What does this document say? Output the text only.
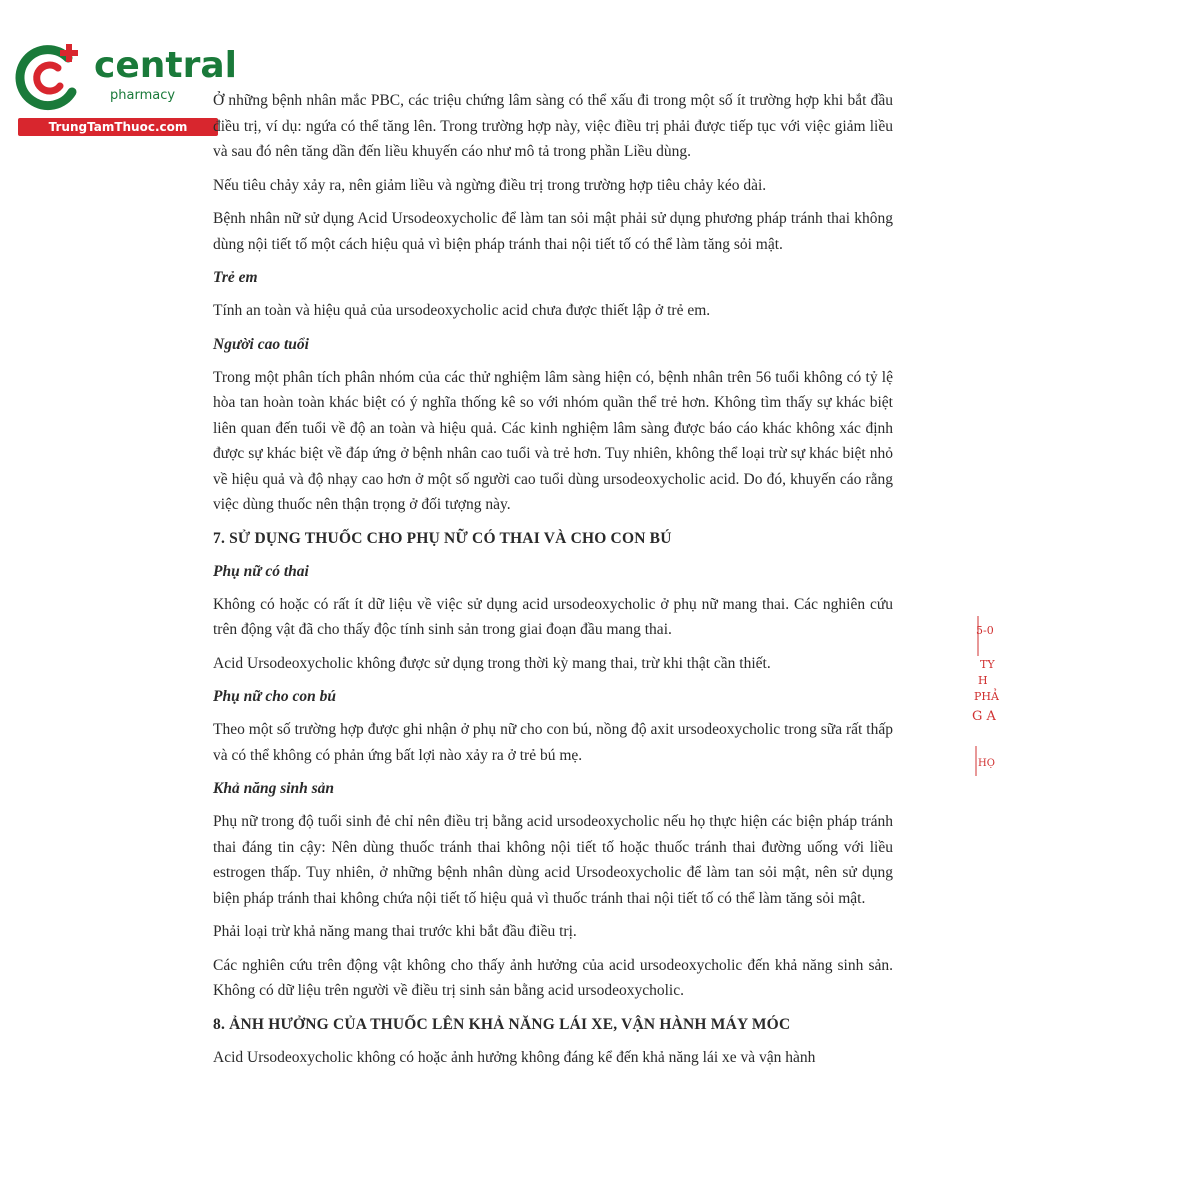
central
pharmacy
TrungTamThuoc.com

Ở những bệnh nhân mắc PBC, các triệu chứng lâm sàng có thể xấu đi trong một số ít trường hợp khi bắt đầu điều trị, ví dụ: ngứa có thể tăng lên. Trong trường hợp này, việc điều trị phải được tiếp tục với việc giảm liều và sau đó nên tăng dần đến liều khuyến cáo như mô tả trong phần Liều dùng.

Nếu tiêu chảy xảy ra, nên giảm liều và ngừng điều trị trong trường hợp tiêu chảy kéo dài.

Bệnh nhân nữ sử dụng Acid Ursodeoxycholic để làm tan sỏi mật phải sử dụng phương pháp tránh thai không dùng nội tiết tố một cách hiệu quả vì biện pháp tránh thai nội tiết tố có thể làm tăng sỏi mật.

Trẻ em

Tính an toàn và hiệu quả của ursodeoxycholic acid chưa được thiết lập ở trẻ em.

Người cao tuổi

Trong một phân tích phân nhóm của các thử nghiệm lâm sàng hiện có, bệnh nhân trên 56 tuổi không có tỷ lệ hòa tan hoàn toàn khác biệt có ý nghĩa thống kê so với nhóm quần thể trẻ hơn. Không tìm thấy sự khác biệt liên quan đến tuổi về độ an toàn và hiệu quả. Các kinh nghiệm lâm sàng được báo cáo khác không xác định được sự khác biệt về đáp ứng ở bệnh nhân cao tuổi và trẻ hơn. Tuy nhiên, không thể loại trừ sự khác biệt nhỏ về hiệu quả và độ nhạy cao hơn ở một số người cao tuổi dùng ursodeoxycholic acid. Do đó, khuyến cáo rằng việc dùng thuốc nên thận trọng ở đối tượng này.

7. SỬ DỤNG THUỐC CHO PHỤ NỮ CÓ THAI VÀ CHO CON BÚ
Phụ nữ có thai

Không có hoặc có rất ít dữ liệu về việc sử dụng acid ursodeoxycholic ở phụ nữ mang thai. Các nghiên cứu trên động vật đã cho thấy độc tính sinh sản trong giai đoạn đầu mang thai.

Acid Ursodeoxycholic không được sử dụng trong thời kỳ mang thai, trừ khi thật cần thiết.

Phụ nữ cho con bú

Theo một số trường hợp được ghi nhận ở phụ nữ cho con bú, nồng độ axit ursodeoxycholic trong sữa rất thấp và có thể không có phản ứng bất lợi nào xảy ra ở trẻ bú mẹ.

Khả năng sinh sản

Phụ nữ trong độ tuổi sinh đẻ chỉ nên điều trị bằng acid ursodeoxycholic nếu họ thực hiện các biện pháp tránh thai đáng tin cậy: Nên dùng thuốc tránh thai không nội tiết tố hoặc thuốc tránh thai đường uống với liều estrogen thấp. Tuy nhiên, ở những bệnh nhân dùng acid Ursodeoxycholic để làm tan sỏi mật, nên sử dụng biện pháp tránh thai không chứa nội tiết tố hiệu quả vì thuốc tránh thai nội tiết tố có thể làm tăng sỏi mật.

Phải loại trừ khả năng mang thai trước khi bắt đầu điều trị.

Các nghiên cứu trên động vật không cho thấy ảnh hưởng của acid ursodeoxycholic đến khả năng sinh sản. Không có dữ liệu trên người về điều trị sinh sản bằng acid ursodeoxycholic.

8. ẢNH HƯỞNG CỦA THUỐC LÊN KHẢ NĂNG LÁI XE, VẬN HÀNH MÁY MÓC

Acid Ursodeoxycholic không có hoặc ảnh hưởng không đáng kể đến khả năng lái xe và vận hành

5-0
TY
H
PHẢ
G A
HỌ
